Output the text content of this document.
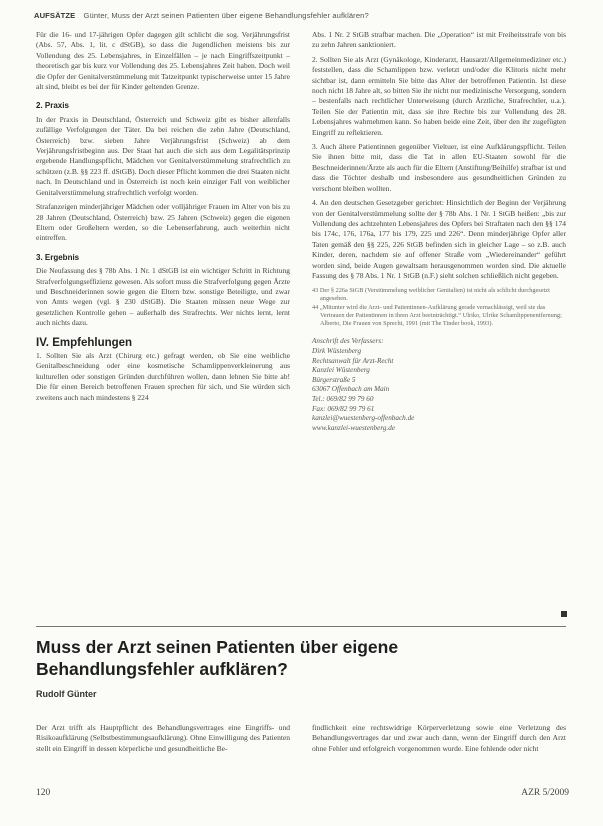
AUFSÄTZE Günter, Muss der Arzt seinen Patienten über eigene Behandlungsfehler aufklären?

Für die 16- und 17-jährigen Opfer dagegen gilt schlicht die sog. Verjährungsfrist (Abs. 57, Abs. 1, lit. c dStGB), so dass die Jugendlichen meistens bis zur Vollendung des 25. Lebensjahres, in Einzelfällen – je nach Eingriffszeitpunkt – theoretisch gar bis kurz vor Vollendung des 25. Lebensjahres Zeit haben. Doch weil die Opfer der Genitalverstümmelung mit Tatzeitpunkt typischerweise unter 15 Jahre alt sind, bleibt es bei der für Kinder geltenden Grenze.

2. Praxis

In der Praxis in Deutschland, Österreich und Schweiz gibt es bisher allenfalls zufällige Verfolgungen der Täter. Da bei reichen die zehn Jahre (Deutschland, Österreich) bzw. sieben Jahre Verjährungsfrist (Schweiz) ab dem Verjährungsfristbeginn aus. Der Staat hat auch die sich aus dem Legalitätsprinzip ergebende Handlungspflicht, Mädchen vor Genitalverstümmelung strafrechtlich zu schützen (z.B. §§ 223 ff. dStGB). Doch dieser Pflicht kommen die drei Staaten nicht nach. In Deutschland und in Österreich ist noch kein einziger Fall von weiblicher Genitalverstümmelung strafrechtlich verfolgt worden.

Strafanzeigen minderjähriger Mädchen oder volljähriger Frauen im Alter von bis zu 28 Jahren (Deutschland, Österreich) bzw. 25 Jahren (Schweiz) gegen die eigenen Eltern oder Großeltern werden, so die Lebenserfahrung, auch weiterhin nicht eintreffen.

3. Ergebnis

Die Neufassung des § 78b Abs. 1 Nr. 1 dStGB ist ein wichtiger Schritt in Richtung Strafverfolgungseffizienz gewesen. Als sofort muss die Strafverfolgung gegen Ärzte und Beschneiderinnen sowie gegen die Eltern bzw. sonstige Beteiligte, und zwar von Amts wegen (vgl. § 230 dStGB). Die Staaten müssen neue Wege zur gesetzlichen Kontrolle gehen – außerhalb des Strafrechts. Wer nichts lernt, lernt auch nichts dazu.

IV. Empfehlungen

1. Sollten Sie als Arzt (Chirurg etc.) gefragt werden, ob Sie eine weibliche Genitalbeschneidung oder eine kosmetische Schamlippenverkleinerung aus kulturellen oder sonstigen Gründen durchführen wollen, dann lehnen Sie bitte ab! Die für einen Bereich betroffenen Frauen sprechen für sich, und Sie würden sich zweitens auch nach mindestens § 224

Abs. 1 Nr. 2 StGB strafbar machen. Die „Operation“ ist mit Freiheitsstrafe von bis zu zehn Jahren sanktioniert.

2. Sollten Sie als Arzt (Gynäkologe, Kinderarzt, Hausarzt/Allgemeinmediziner etc.) feststellen, dass die Schamlippen bzw. verletzt und/oder die Klitoris nicht mehr sichtbar ist, dann ermitteln Sie bitte das Alter der betroffenen Patientin. Ist diese noch nicht 18 Jahre alt, so bitten Sie ihr nicht nur medizinische Versorgung, sondern – bestenfalls nach rechtlicher Unterweisung (durch Ärztliche, Strafrechtler, u.a.). Teilen Sie der Patientin mit, dass sie ihre Rechte bis zur Vollendung des 28. Lebensjahres wahrnehmen kann. So haben beide eine Zeit, über den ihr zugefügten Eingriff zu reflektieren.

3. Auch ältere Patientinnen gegenüber Vieltuer, ist eine Aufklärungspflicht. Teilen Sie ihnen bitte mit, dass die Tat in allen EU-Staaten sowohl für die Beschneiderinnen/Ärzte als auch für die Eltern (Anstiftung/Beihilfe) strafbar ist und dass die Töchter deshalb und insbesondere aus gesundheitlichen Gründen zu verschont bleiben wollten.

4. An den deutschen Gesetzgeber gerichtet: Hinsichtlich der Beginn der Verjährung von der Genitalverstümmelung sollte der § 78b Abs. 1 Nr. 1 StGB heißen: „bis zur Vollendung des achtzehnten Lebensjahres des Opfers bei Straftaten nach den §§ 174 bis 174c, 176, 176a, 177 bis 179, 225 und 226“. Denn minderjährige Opfer aller Taten gemäß den §§ 225, 226 StGB befinden sich in gleicher Lage – so z.B. auch Kinder, deren, nachdem sie auf offener Straße vom „Wiedereinander“ geführt worden sind, beide Augen gewaltsam herausgenommen worden sind. Die aktuelle Fassung des § 78 Abs. 1 Nr. 1 StGB (n.F.) sieht solchen schließlich nicht gegeben.

43 Der § 226a StGB (Verstümmelung weiblicher Genitalien) ist nicht als schlicht durchgesetzt angesehen.

44 „Mitunter wird die Arzt- und Patientinnen-Aufklärung gerade vernachlässigt, weil sie das Vertrauen der Patientinnen in ihren Arzt beeinträchtigt.“ Ulriko, Ulrike Schamlippenentfernung; Alberto, Die Frauen von Sprecht, 1991 (mit The Tinder book, 1993).

Anschrift des Verfassers:

Dirk Wüstenberg

Rechtsanwalt für Arzt-Recht

Kanzlei Wüstenberg

Bürgerstraße 5

63067 Offenbach am Main

Tel.: 069/82 99 79 60

Fax: 069/82 99 79 61

kanzlei@wuestenberg-offenbach.de

www.kanzlei-wuestenberg.de

Muss der Arzt seinen Patienten über eigene
Behandlungsfehler aufklären?
Rudolf Günter

Der Arzt trifft als Hauptpflicht des Behandlungsvertrages eine Eingriffs- und Risikoaufklärung (Selbstbestimmungsaufklärung). Ohne Einwilligung des Patienten stellt ein Eingriff in dessen körperliche und gesundheitliche Be-

findlichkeit eine rechtswidrige Körperverletzung sowie eine Verletzung des Behandlungsvertrages dar und zwar auch dann, wenn der Eingriff durch den Arzt ohne Fehler und erfolgreich vorgenommen wurde. Eine fehlende oder nicht

120	AZR 5/2009
